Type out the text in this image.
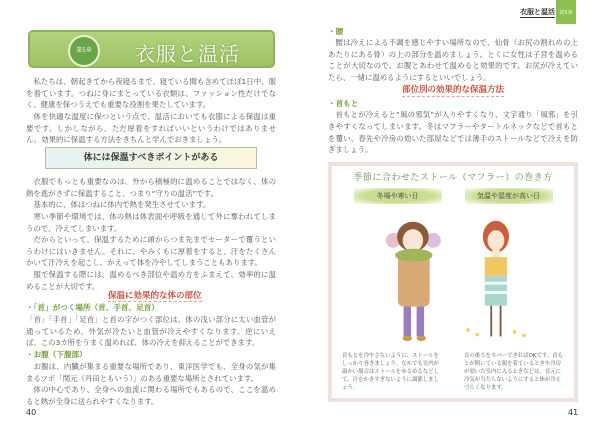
第5章	衣服と温活
私たちは、朝起きてから夜寝るまで、寝ている間も含めてほぼ1日中、服を着ています。つねに身にまとっている衣類は、ファッション性だけでなく、健康を保つうえでも重要な役割を果たしています。
体を快適な温度に保つという点で、温活においても衣服による保温は重要です。しかしながら、ただ厚着をすればいいというわけではありません。効果的に保温する方法をきちんと学んでおきましょう。
体には保温すべきポイントがある
衣服でもっとも重要なのは、外から積極的に温めることではなく、体の熱を逃がさずに保温すること、つまり“守りの温活”です。
基本的に、体はつねに体内で熱を発生させています。
寒い季節や環境では、体の熱は体表面や呼吸を通して外に奪われてしまうので、冷えてしまいます。
だからといって、保温するために頭からつま先までセーターで覆うというわけにはいきません。それに、やみくもに厚着をすると、汗をたくさんかいて汗冷えを起こし、かえって体を冷やしてしまうこともあります。
服で保温する際には、温めるべき部位や温め方をふまえて、効率的に温めることが大切です。
保温に効果的な体の部位
・「首」がつく場所（首、手首、足首）
「首」「手首」「足首」と首の字がつく部位は、体の浅い部分に太い血管が通っているため、外気が冷たいと血管が冷えやすくなります。逆にいえば、この3カ所をうまく温めれば、体の冷えを抑えることができます。
・お腹（下腹部）
お腹は、内臓が集まる重要な場所であり、東洋医学でも、全身の気が集まるツボ「関元（丹田ともいう）」のある重要な場所とされています。
体の中心であり、全身への血流に関わる場所でもあるので、ここを温めると熱が全身に送られやすくなります。
40
衣服と温活 第5章
・腰
腰は冷えによる不調を感じやすい場所なので、仙骨（お尻の割れめの上あたりにある骨）の上の部分を温めましょう。とくに女性は子宮を温めることが大切なので、お腹とあわせて温めると効果的です。お尻が冷えていたら、一緒に温めるようにするといいでしょう。
部位別の効果的な保温方法
・首もと
首もとが冷えると“風の邪気”が入りやすくなり、文字通り「風邪」を引きやすくなってしまいます。冬はマフラーやタートルネックなどで首もとを覆い、春先や冷房の効いた部屋などでは薄手のストールなどで冷えを防ぎましょう。
季節に合わせたストール（マフラー）の巻き方
冬場や寒い日	気温や湿度が高い日
首もとを冷やさないように、ストールをしっかり巻きましょう。なかでも室内が温かい場合はストールをゆるめるなどして、汗をかきすぎないように調節しましょう。
首の後ろをカバーできればOKです。首もとが開いている服を着ているときや冷房が効いた室内に入るときなどは、首元に冷気が当たらないようにすると体が冷えづらくなります。
41
